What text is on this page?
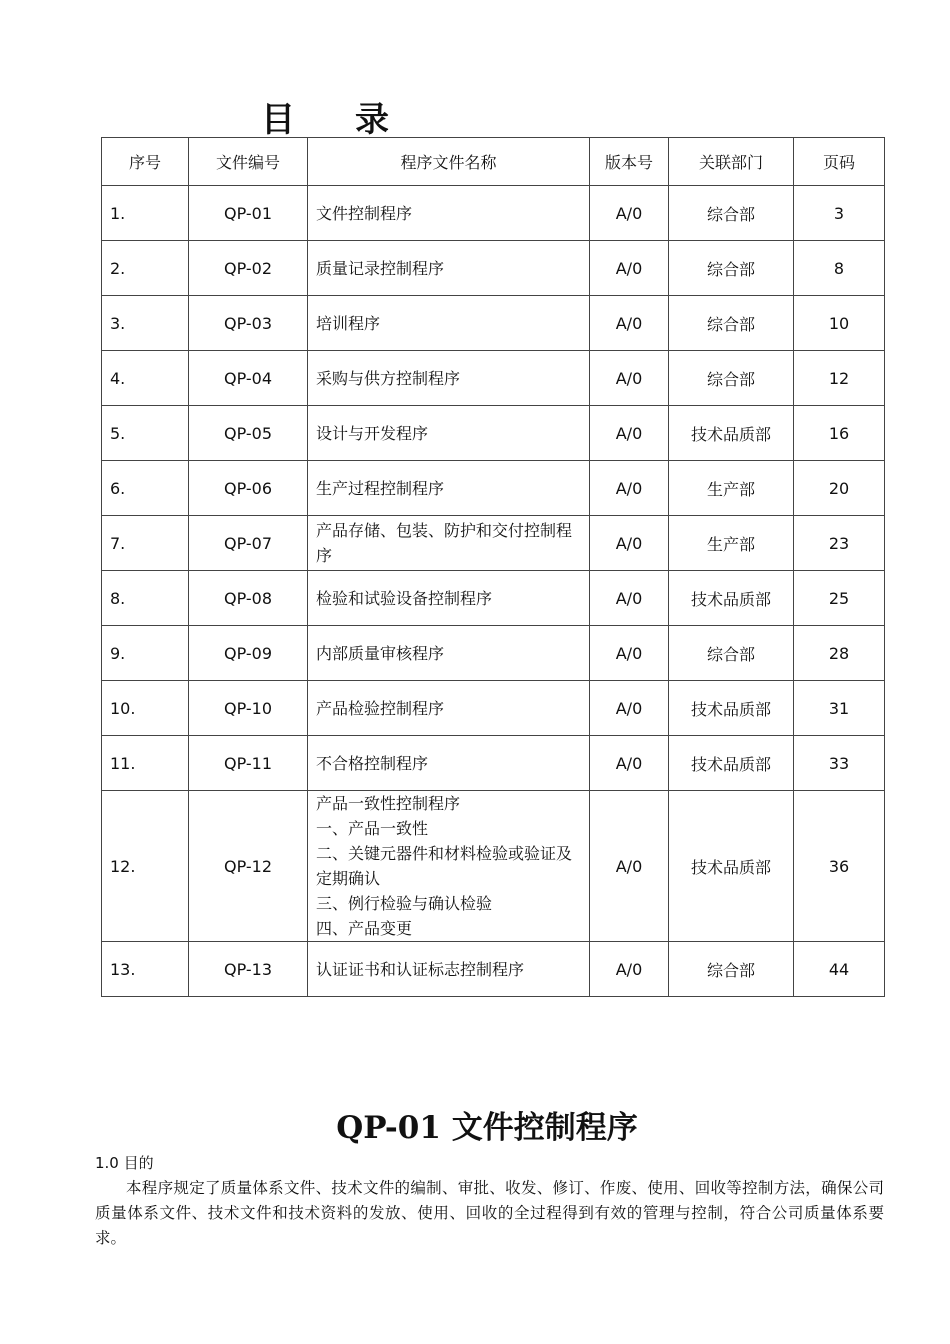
目录
序号	文件编号	程序文件名称	版本号	关联部门	页码
1.	QP-01	文件控制程序	A/0	综合部	3
2.	QP-02	质量记录控制程序	A/0	综合部	8
3.	QP-03	培训程序	A/0	综合部	10
4.	QP-04	采购与供方控制程序	A/0	综合部	12
5.	QP-05	设计与开发程序	A/0	技术品质部	16
6.	QP-06	生产过程控制程序	A/0	生产部	20
7.	QP-07	产品存储、包装、防护和交付控制程序	A/0	生产部	23
8.	QP-08	检验和试验设备控制程序	A/0	技术品质部	25
9.	QP-09	内部质量审核程序	A/0	综合部	28
10.	QP-10	产品检验控制程序	A/0	技术品质部	31
11.	QP-11	不合格控制程序	A/0	技术品质部	33
12.	QP-12	产品一致性控制程序
一、产品一致性
二、关键元器件和材料检验或验证及定期确认
三、例行检验与确认检验
四、产品变更	A/0	技术品质部	36
13.	QP-13	认证证书和认证标志控制程序	A/0	综合部	44
QP-01 文件控制程序
1.0 目的
本程序规定了质量体系文件、技术文件的编制、审批、收发、修订、作废、使用、回收等控制方法，确保公司质量体系文件、技术文件和技术资料的发放、使用、回收的全过程得到有效的管理与控制，符合公司质量体系要求。
